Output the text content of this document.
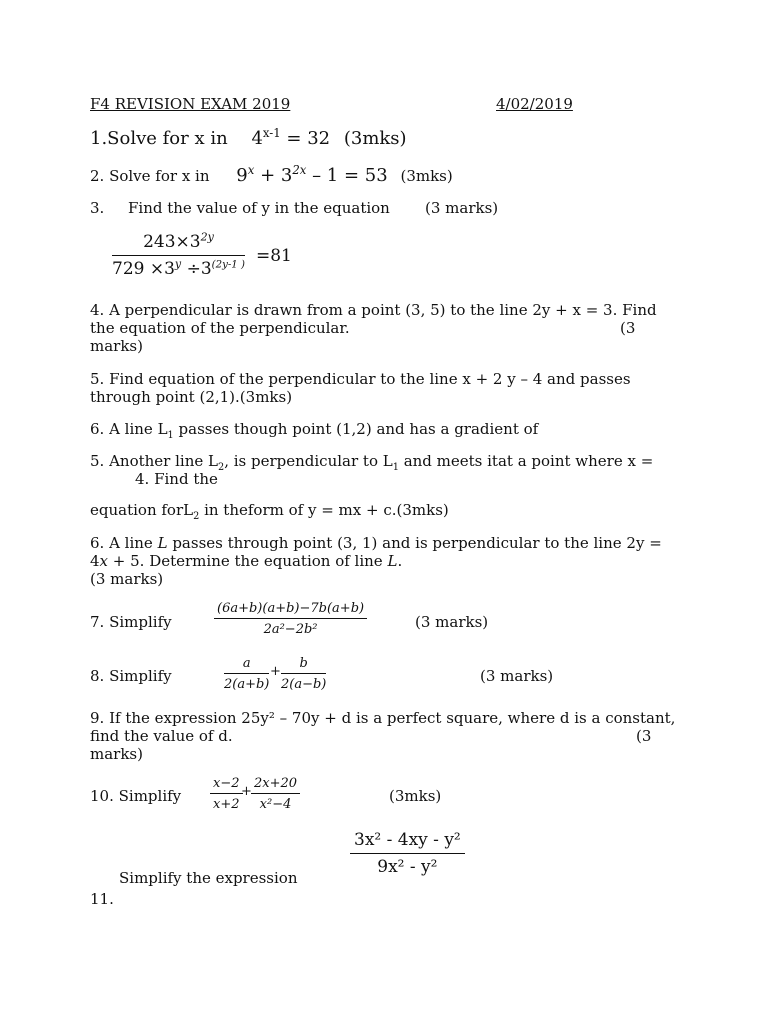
F4 REVISION EXAM 2019	4/02/2019
1.Solve for x in $4^{x-1} = 32$ (3mks)
2. Solve for x in $9^x + 3^{2x} - 1 = 53$ (3mks)
3. Find the value of y in the equation (3 marks)
$\frac{243\times 3^{2y}}{729 \times 3^y \div 3^{(2y-1 )}} =81$
4. A perpendicular is drawn from a point (3, 5) to the line 2y + x = 3. Find the equation of the perpendicular.	(3
marks)
5. Find equation of the perpendicular to the line x + 2 y – 4 and passes through point (2,1).(3mks)
6. A line $L_1$ passes though point (1,2) and has a gradient of
5. Another line $L_2$, is perpendicular to $L_1$ and meets itat a point where x =
4. Find the
equation forL$_2$ in theform of y = mx + c.(3mks)
6. A line L passes through point (3, 1) and is perpendicular to the line 2y =
4x + 5. Determine the equation of line L.
(3 marks)
7. Simplify	$\frac{(6a+b)(a+b)-7b(a+b)}{\text{2a²−2b²}}$	(3 marks)
8. Simplify	$\frac{a}{2(a+b)} + \frac{b}{2(a-b)}$	(3 marks)
9. If the expression 25y² – 70y + d is a perfect square, where d is a constant,
find the value of d.	(3
marks)
10. Simplify $\frac{x-2}{x+2}$
+ $\frac{2x+20}{\text{x²−4}}$	(3mks)
$\frac{\text{3x² - 4xy - y²}}{\text{9x² - y²}}$
Simplify the expression
11.
